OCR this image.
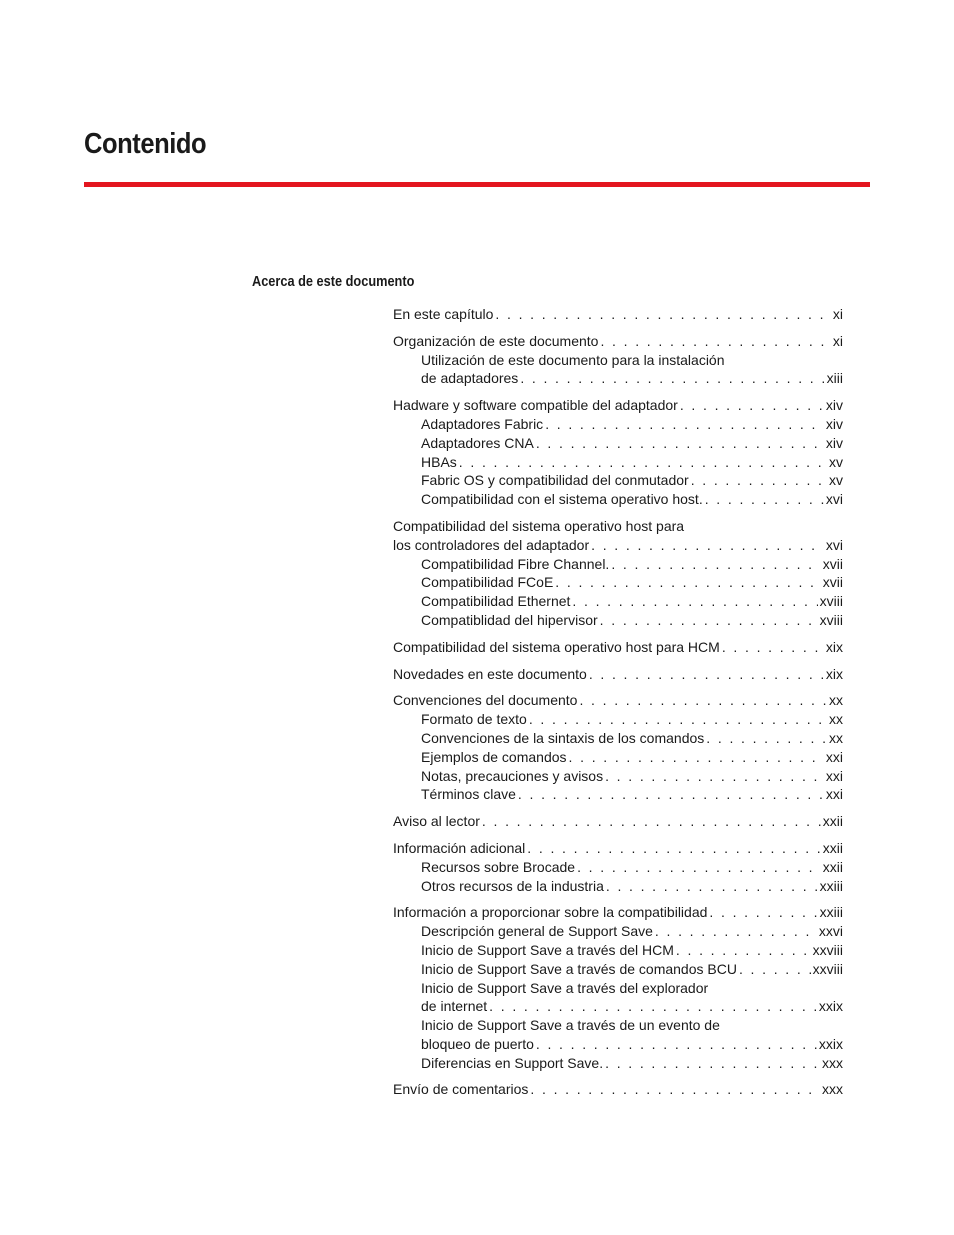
Contenido
Acerca de este documento
En este capítulo . . .	xi
Organización de este documento . . .	xi
Utilización de este documento para la instalación
de adaptadores . . .	xiii
Hadware y software compatible del adaptador . . .	xiv
Adaptadores Fabric . . .	xiv
Adaptadores CNA . . .	xiv
HBAs . . .	xv
Fabric OS y compatibilidad del conmutador . . .	xv
Compatibilidad con el sistema operativo host. . . .	xvi
Compatibilidad del sistema operativo host para
los controladores del adaptador . . .	xvi
Compatibilidad Fibre Channel. . . .	xvii
Compatibilidad FCoE . . .	xvii
Compatibilidad Ethernet . . .	xviii
Compatiblidad del hipervisor . . .	xviii
Compatibilidad del sistema operativo host para HCM . . .	xix
Novedades en este documento . . .	xix
Convenciones del documento . . .	xx
Formato de texto . . .	xx
Convenciones de la sintaxis de los comandos . . .	xx
Ejemplos de comandos . . .	xxi
Notas, precauciones y avisos . . .	xxi
Términos clave . . .	xxi
Aviso al lector . . .	xxii
Información adicional . . .	xxii
Recursos sobre Brocade . . .	xxii
Otros recursos de la industria . . .	xxiii
Información a proporcionar sobre la compatibilidad . . .	xxiii
Descripción general de Support Save . . .	xxvi
Inicio de Support Save a través del HCM . . .	xxviii
Inicio de Support Save a través de comandos BCU . . .	xxviii
Inicio de Support Save a través del explorador
de internet . . .	xxix
Inicio de Support Save a través de un evento de
bloqueo de puerto . . .	xxix
Diferencias en Support Save. . . .	xxx
Envío de comentarios . . .	xxx
